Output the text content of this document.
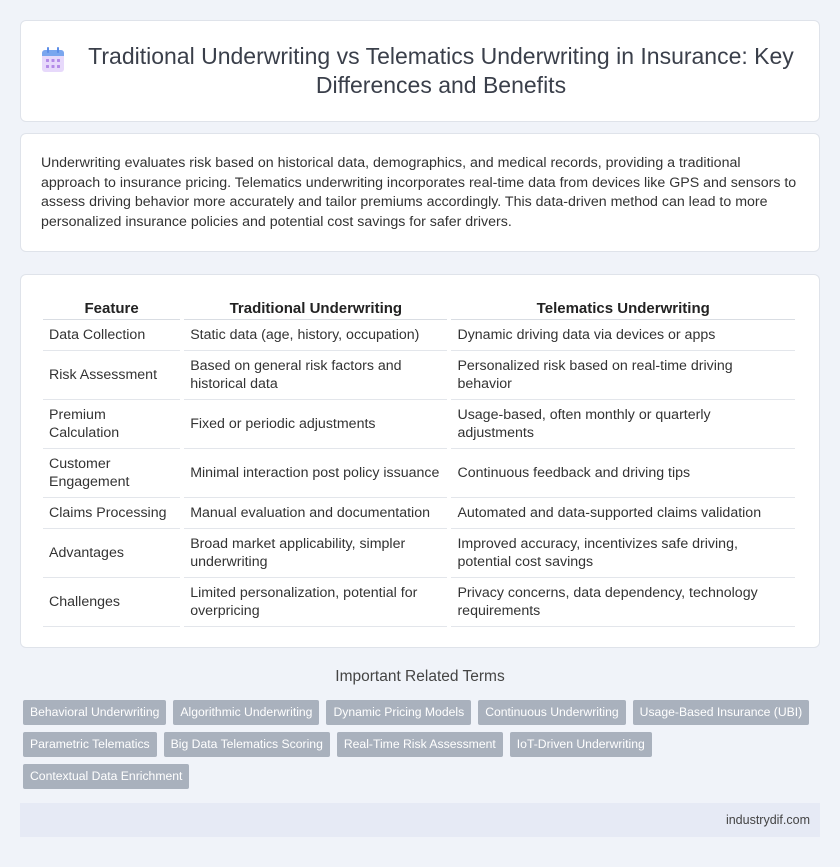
Traditional Underwriting vs Telematics Underwriting in Insurance: Key Differences and Benefits

Underwriting evaluates risk based on historical data, demographics, and medical records, providing a traditional approach to insurance pricing. Telematics underwriting incorporates real-time data from devices like GPS and sensors to assess driving behavior more accurately and tailor premiums accordingly. This data-driven method can lead to more personalized insurance policies and potential cost savings for safer drivers.

Feature	Traditional Underwriting	Telematics Underwriting
Data Collection	Static data (age, history, occupation)	Dynamic driving data via devices or apps
Risk Assessment	Based on general risk factors and historical data	Personalized risk based on real-time driving behavior
Premium Calculation	Fixed or periodic adjustments	Usage-based, often monthly or quarterly adjustments
Customer Engagement	Minimal interaction post policy issuance	Continuous feedback and driving tips
Claims Processing	Manual evaluation and documentation	Automated and data-supported claims validation
Advantages	Broad market applicability, simpler underwriting	Improved accuracy, incentivizes safe driving, potential cost savings
Challenges	Limited personalization, potential for overpricing	Privacy concerns, data dependency, technology requirements
Important Related Terms
Behavioral Underwriting	Algorithmic Underwriting	Dynamic Pricing Models	Continuous Underwriting	Usage-Based Insurance (UBI)
Parametric Telematics	Big Data Telematics Scoring	Real-Time Risk Assessment	IoT-Driven Underwriting
Contextual Data Enrichment
industrydif.com
